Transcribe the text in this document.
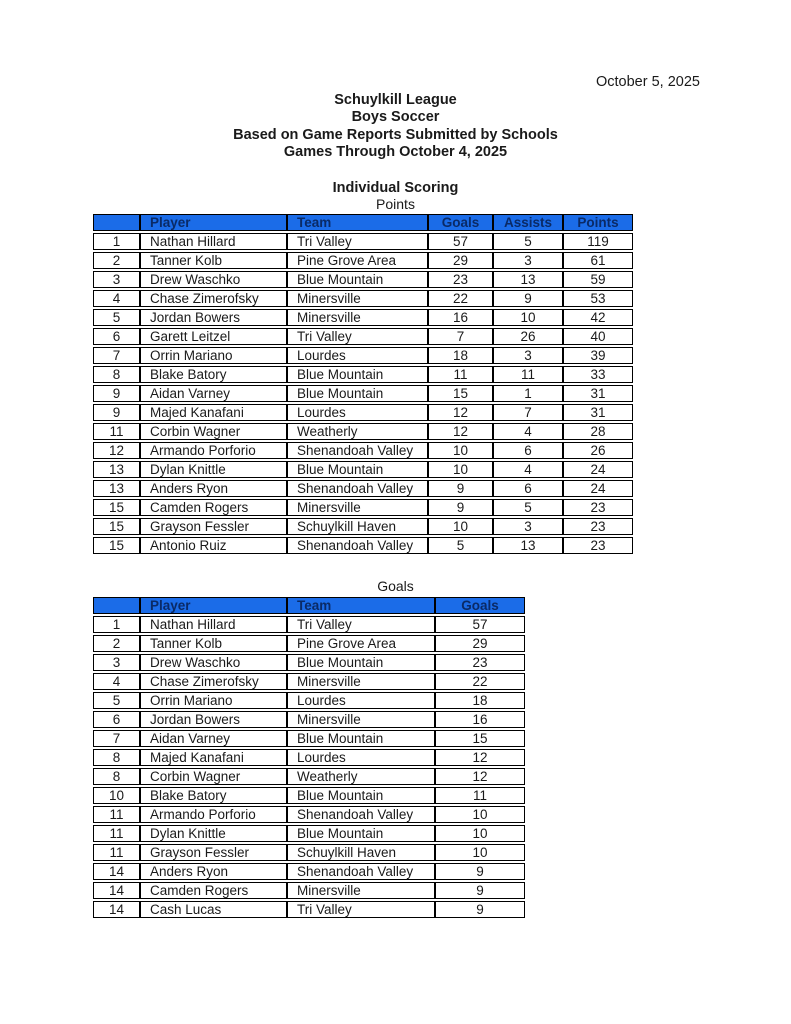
October 5, 2025
Schuylkill League
Boys Soccer
Based on Game Reports Submitted by Schools
Games Through October 4, 2025
Individual Scoring
Points
	Player	Team	Goals	Assists	Points
1	Nathan Hillard	Tri Valley	57	5	119
2	Tanner Kolb	Pine Grove Area	29	3	61
3	Drew Waschko	Blue Mountain	23	13	59
4	Chase Zimerofsky	Minersville	22	9	53
5	Jordan Bowers	Minersville	16	10	42
6	Garett Leitzel	Tri Valley	7	26	40
7	Orrin Mariano	Lourdes	18	3	39
8	Blake Batory	Blue Mountain	11	11	33
9	Aidan Varney	Blue Mountain	15	1	31
9	Majed Kanafani	Lourdes	12	7	31
11	Corbin Wagner	Weatherly	12	4	28
12	Armando Porforio	Shenandoah Valley	10	6	26
13	Dylan Knittle	Blue Mountain	10	4	24
13	Anders Ryon	Shenandoah Valley	9	6	24
15	Camden Rogers	Minersville	9	5	23
15	Grayson Fessler	Schuylkill Haven	10	3	23
15	Antonio Ruiz	Shenandoah Valley	5	13	23
Goals
	Player	Team	Goals
1	Nathan Hillard	Tri Valley	57
2	Tanner Kolb	Pine Grove Area	29
3	Drew Waschko	Blue Mountain	23
4	Chase Zimerofsky	Minersville	22
5	Orrin Mariano	Lourdes	18
6	Jordan Bowers	Minersville	16
7	Aidan Varney	Blue Mountain	15
8	Majed Kanafani	Lourdes	12
8	Corbin Wagner	Weatherly	12
10	Blake Batory	Blue Mountain	11
11	Armando Porforio	Shenandoah Valley	10
11	Dylan Knittle	Blue Mountain	10
11	Grayson Fessler	Schuylkill Haven	10
14	Anders Ryon	Shenandoah Valley	9
14	Camden Rogers	Minersville	9
14	Cash Lucas	Tri Valley	9
